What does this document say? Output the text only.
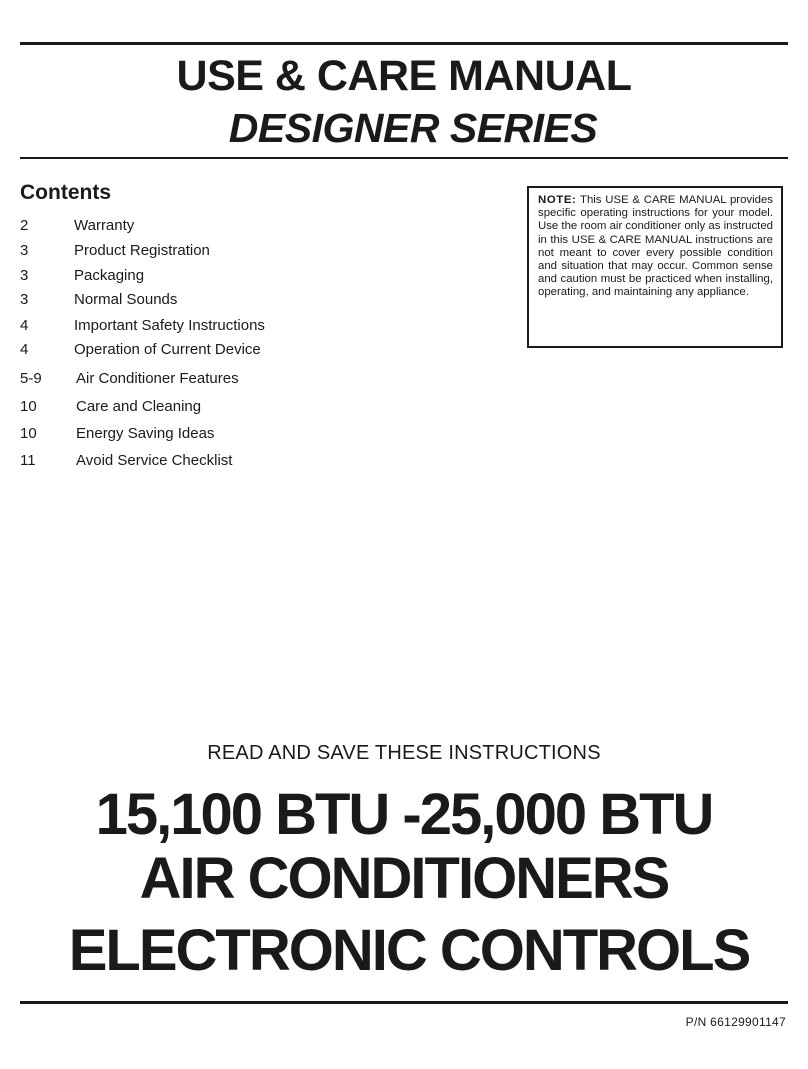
USE & CARE MANUAL
DESIGNER SERIES
Contents
2	Warranty
3	Product Registration
3	Packaging
3	Normal Sounds
4	Important Safety Instructions
4	Operation of Current Device
5-9 Air Conditioner Features
10	Care and Cleaning
10	Energy Saving Ideas
11	Avoid Service Checklist
NOTE: This USE & CARE MANUAL provides specific operating instructions for your model. Use the room air conditioner only as instructed in this USE & CARE MANUAL instructions are not meant to cover every possible condition and situation that may occur. Common sense and caution must be practiced when installing, operating, and maintaining any appliance.

READ AND SAVE THESE INSTRUCTIONS

15,100 BTU -25,000 BTU

AIR CONDITIONERS

ELECTRONIC CONTROLS

P/N 66129901147
